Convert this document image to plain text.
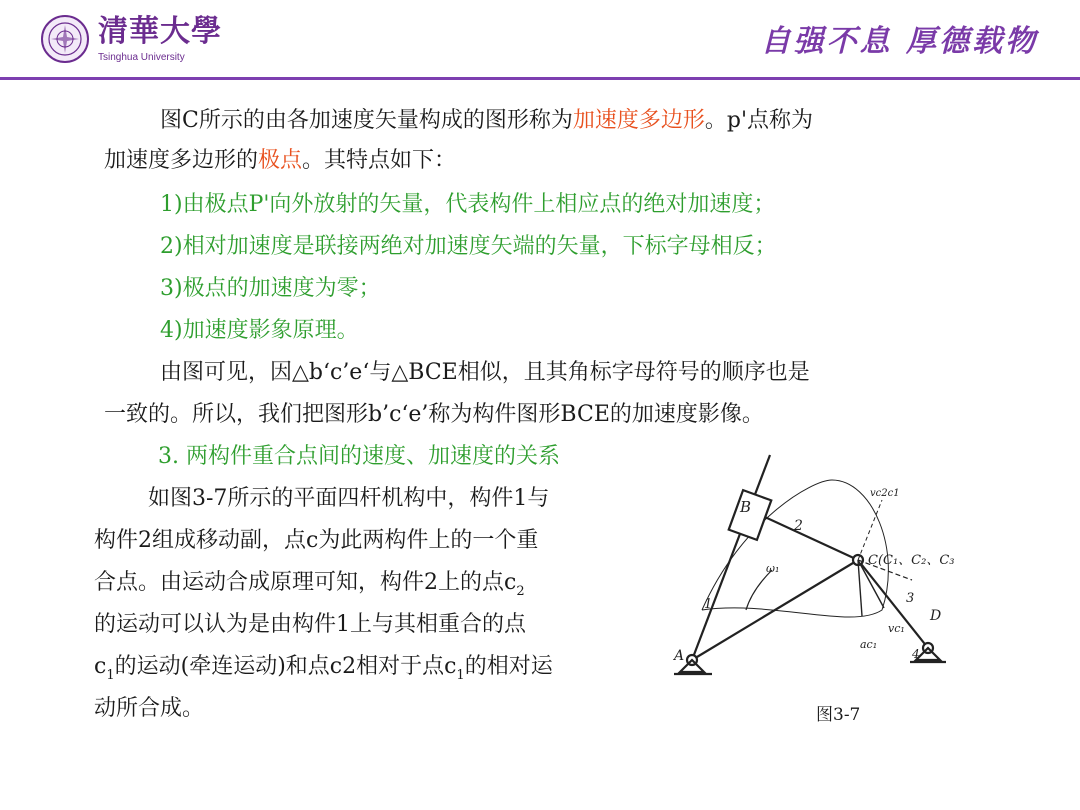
清華大學
Tsinghua University	自强不息 厚德载物
图C所示的由各加速度矢量构成的图形称为加速度多边形。p'点称为
加速度多边形的极点。其特点如下：
1)由极点P'向外放射的矢量，代表构件上相应点的绝对加速度；
2)相对加速度是联接两绝对加速度矢端的矢量，下标字母相反；
3)极点的加速度为零；
4)加速度影象原理。
由图可见，因△b‘c’e‘与△BCE相似，且其角标字母符号的顺序也是
一致的。所以，我们把图形b’c‘e’称为构件图形BCE的加速度影像。
3. 两构件重合点间的速度、加速度的关系
如图3-7所示的平面四杆机构中，构件1与
构件2组成移动副，点c为此两构件上的一个重
合点。由运动合成原理可知，构件2上的点$c_2$
的运动可以认为是由构件1上与其相重合的点
$c_1$的运动(牵连运动)和点c2相对于点$c_1$的相对运
动所合成。
B
2
vc2c1
C(C₁、C₂、C₃
ω₁
1	3
D
vc₁
ac₁
4
A
图3-7
